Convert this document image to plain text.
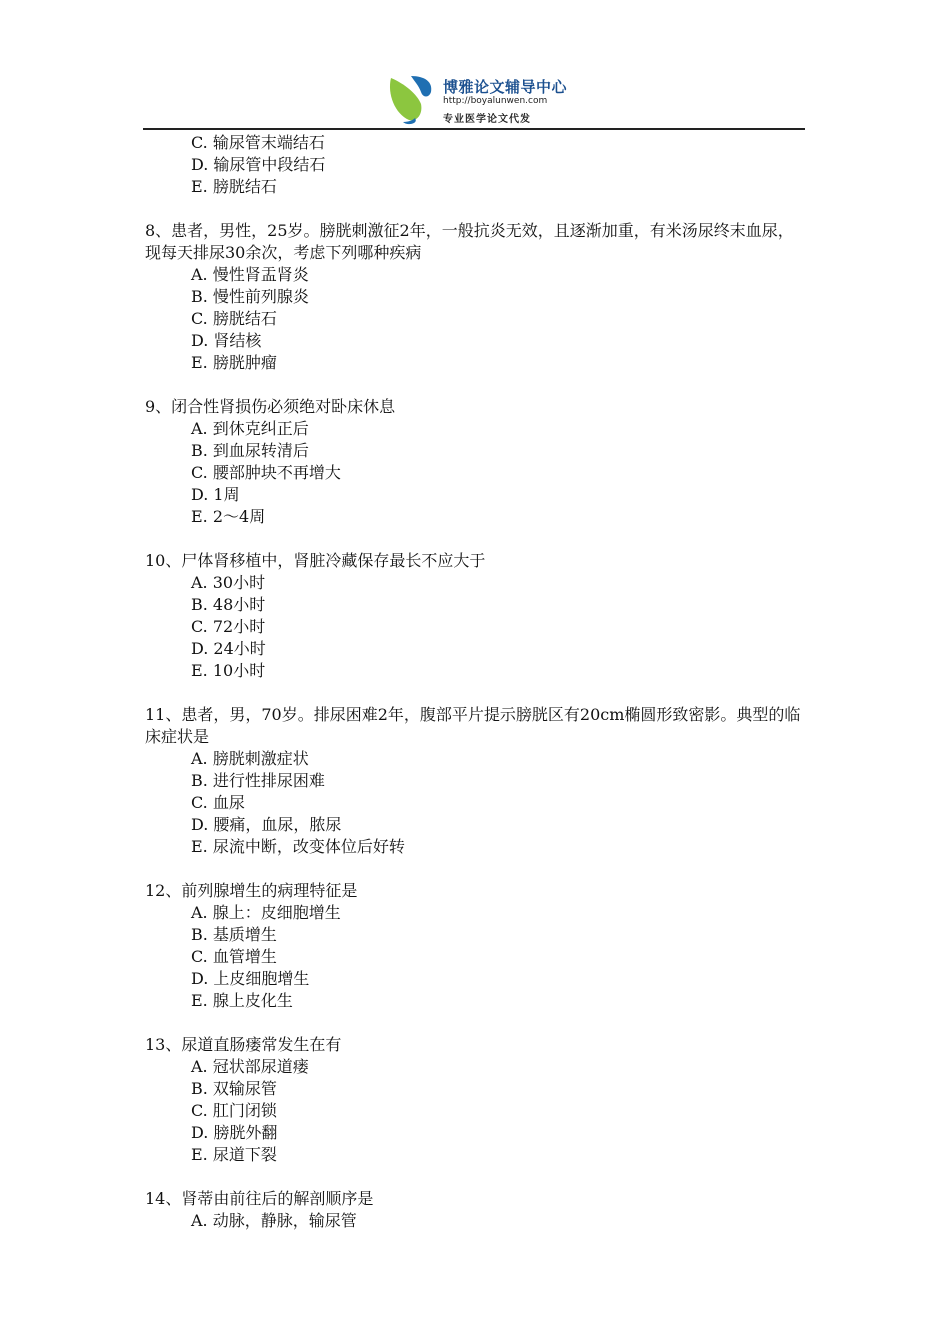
博雅论文辅导中心
http://boyalunwen.com
专业医学论文代发

C. 输尿管末端结石

D. 输尿管中段结石

E. 膀胱结石

8、患者，男性，25岁。膀胱刺激征2年，一般抗炎无效，且逐渐加重，有米汤尿终末血尿，现每天排尿30余次，考虑下列哪种疾病

A. 慢性肾盂肾炎

B. 慢性前列腺炎

C. 膀胱结石

D. 肾结核

E. 膀胱肿瘤

9、闭合性肾损伤必须绝对卧床休息

A. 到休克纠正后

B. 到血尿转清后

C. 腰部肿块不再增大

D. 1周

E. 2～4周

10、尸体肾移植中，肾脏冷藏保存最长不应大于

A. 30小时

B. 48小时

C. 72小时

D. 24小时

E. 10小时

11、患者，男，70岁。排尿困难2年，腹部平片提示膀胱区有20cm椭圆形致密影。典型的临床症状是

A. 膀胱刺激症状

B. 进行性排尿困难

C. 血尿

D. 腰痛，血尿，脓尿

E. 尿流中断，改变体位后好转

12、前列腺增生的病理特征是

A. 腺上：皮细胞增生

B. 基质增生

C. 血管增生

D. 上皮细胞增生

E. 腺上皮化生

13、尿道直肠瘘常发生在有

A. 冠状部尿道瘘

B. 双输尿管

C. 肛门闭锁

D. 膀胱外翻

E. 尿道下裂

14、肾蒂由前往后的解剖顺序是

A. 动脉，静脉，输尿管
